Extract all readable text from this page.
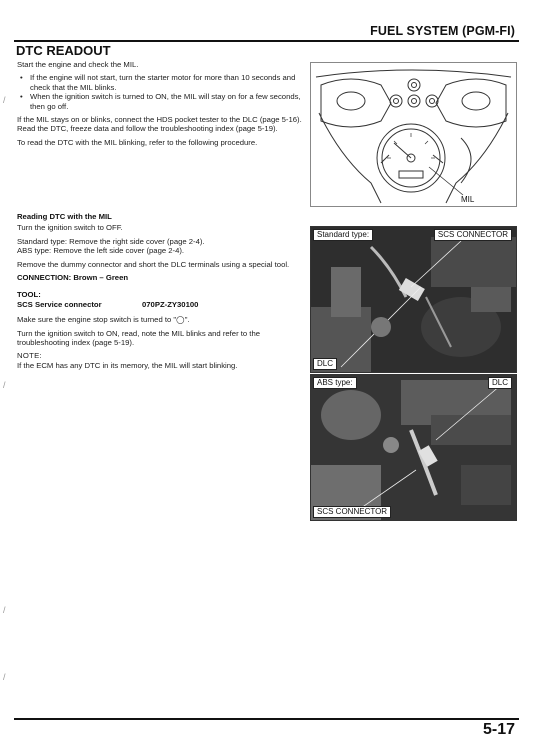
FUEL SYSTEM (PGM-FI)
DTC READOUT

Start the engine and check the MIL.

• If the engine will not start, turn the starter motor for more than 10 seconds and check that the MIL blinks.
• When the ignition switch is turned to ON, the MIL will stay on for a few seconds, then go off.

If the MIL stays on or blinks, connect the HDS pocket tester to the DLC (page 5-16).

Read the DTC, freeze data and follow the troubleshooting index (page 5-19).

To read the DTC with the MIL blinking, refer to the following procedure.

Reading DTC with the MIL

Turn the ignition switch to OFF.

Standard type: Remove the right side cover (page 2-4).

ABS type: Remove the left side cover (page 2-4).

Remove the dummy connector and short the DLC terminals using a special tool.

CONNECTION: Brown – Green

TOOL:

SCS Service connector	070PZ-ZY30100

Make sure the engine stop switch is turned to "◯".

Turn the ignition switch to ON, read, note the MIL blinks and refer to the troubleshooting index (page 5-19).

NOTE:

If the ECM has any DTC in its memory, the MIL will start blinking.

MIL
Standard type:	SCS CONNECTOR
DLC
ABS type:	DLC
SCS CONNECTOR
5-17
/
/
/
/
